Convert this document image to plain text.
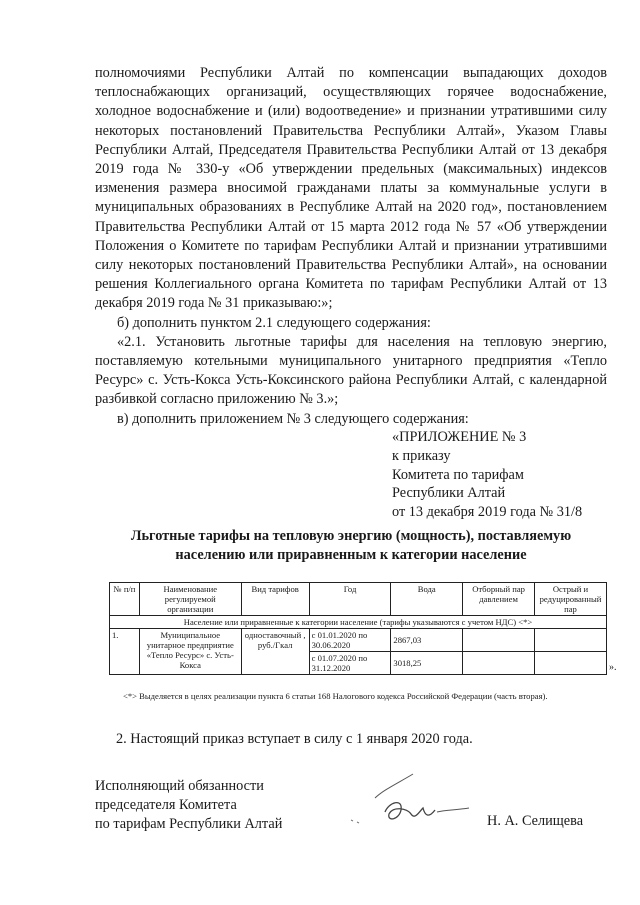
полномочиями Республики Алтай по компенсации выпадающих доходов теплоснабжающих организаций, осуществляющих горячее водоснабжение, холодное водоснабжение и (или) водоотведение» и признании утратившими силу некоторых постановлений Правительства Республики Алтай», Указом Главы Республики Алтай, Председателя Правительства Республики Алтай от 13 декабря 2019 года № 330-у «Об утверждении предельных (максимальных) индексов изменения размера вносимой гражданами платы за коммунальные услуги в муниципальных образованиях в Республике Алтай на 2020 год», постановлением Правительства Республики Алтай от 15 марта 2012 года № 57 «Об утверждении Положения о Комитете по тарифам Республики Алтай и признании утратившими силу некоторых постановлений Правительства Республики Алтай», на основании решения Коллегиального органа Комитета по тарифам Республики Алтай от 13 декабря 2019 года № 31 приказываю:»;

б) дополнить пунктом 2.1 следующего содержания:

«2.1. Установить льготные тарифы для населения на тепловую энергию, поставляемую котельными муниципального унитарного предприятия «Тепло Ресурс» с. Усть-Кокса Усть-Коксинского района Республики Алтай, с календарной разбивкой согласно приложению № 3.»;

в) дополнить приложением № 3 следующего содержания:

«ПРИЛОЖЕНИЕ № 3
к приказу
Комитета по тарифам
Республики Алтай
от 13 декабря 2019 года № 31/8
Льготные тарифы на тепловую энергию (мощность), поставляемую населению или приравненным к категории население
№ п/п	Наименование регулируемой организации	Вид тарифов	Год	Вода	Отборный пар давлением	Острый и редуцированный пар
Население или приравненные к категории население (тарифы указываются с учетом НДС) <*>						
1.	Муниципальное унитарное предприятие «Тепло Ресурс» с. Усть-Кокса	одноставочный , руб./Гкал	с 01.01.2020 по 30.06.2020	2867,03		
			с 01.07.2020 по 31.12.2020	3018,25			».

<*> Выделяется в целях реализации пункта 6 статьи 168 Налогового кодекса Российской Федерации (часть вторая).

2. Настоящий приказ вступает в силу с 1 января 2020 года.
Исполняющий обязанности
председателя Комитета
по тарифам Республики Алтай	Н. А. Селищева
